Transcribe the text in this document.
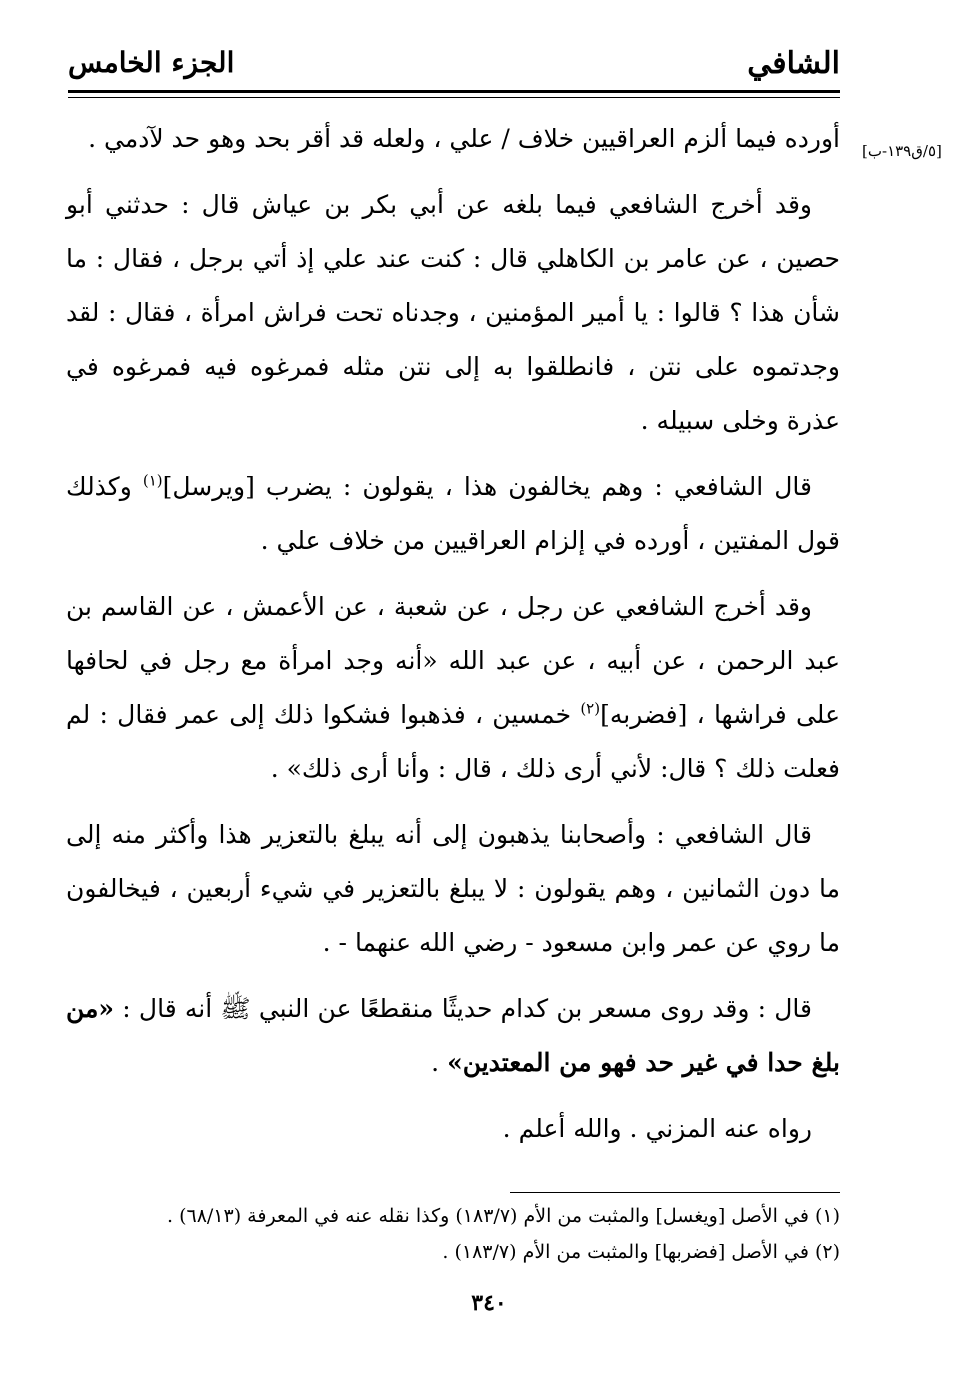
الشافي
الجزء الخامس
[٥/ق١٣٩-ب]

أورده فيما ألزم العراقيين خلاف / علي ، ولعله قد أقر بحد وهو حد لآدمي .

وقد أخرج الشافعي فيما بلغه عن أبي بكر بن عياش قال : حدثني أبو حصين ، عن عامر بن الكاهلي قال : كنت عند علي إذ أتي برجل ، فقال : ما شأن هذا ؟ قالوا : يا أمير المؤمنين ، وجدناه تحت فراش امرأة ، فقال : لقد وجدتموه على نتن ، فانطلقوا به إلى نتن مثله فمرغوه فيه فمرغوه في عذرة وخلى سبيله .

قال الشافعي : وهم يخالفون هذا ، يقولون : يضرب [ويرسل]$^{(١)}$ وكذلك قول المفتين ، أورده في إلزام العراقيين من خلاف علي .

وقد أخرج الشافعي عن رجل ، عن شعبة ، عن الأعمش ، عن القاسم بن عبد الرحمن ، عن أبيه ، عن عبد الله «أنه وجد امرأة مع رجل في لحافها على فراشها ، [فضربه]$^{(٢)}$ خمسين ، فذهبوا فشكوا ذلك إلى عمر فقال : لم فعلت ذلك ؟ قال: لأني أرى ذلك ، قال : وأنا أرى ذلك» .

قال الشافعي : وأصحابنا يذهبون إلى أنه يبلغ بالتعزير هذا وأكثر منه إلى ما دون الثمانين ، وهم يقولون : لا يبلغ بالتعزير في شيء أربعين ، فيخالفون ما روي عن عمر وابن مسعود - رضي الله عنهما - .

قال : وقد روى مسعر بن كدام حديثًا منقطعًا عن النبي ﷺ أنه قال : «من بلغ حدا في غير حد فهو من المعتدين» .

رواه عنه المزني . والله أعلم .

(١) في الأصل [ويغسل] والمثبت من الأم (١٨٣/٧) وكذا نقله عنه في المعرفة (٦٨/١٣) .
(٢) في الأصل [فضربها] والمثبت من الأم (١٨٣/٧) .
٣٤٠
